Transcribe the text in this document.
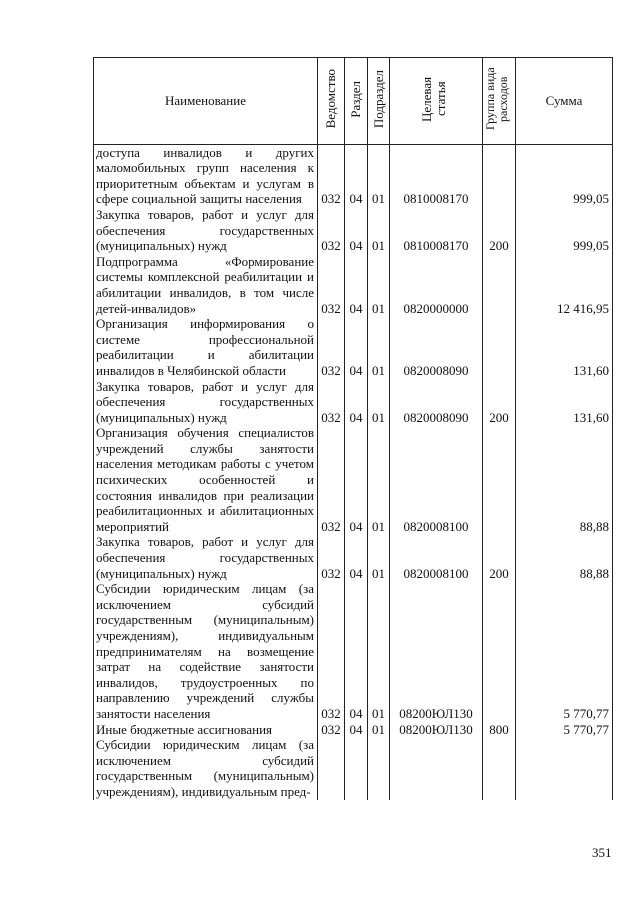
Наименование	Ведомство	Раздел	Подраздел	Целевая статья	Группа вида расходов	Сумма
доступа инвалидов и других маломобильных групп населения к приоритетным объектам и услугам в сфере социальной защиты населения	032	04	01	0810008170		999,05
Закупка товаров, работ и услуг для обеспечения государственных (муниципальных) нужд	032	04	01	0810008170	200	999,05
Подпрограмма «Формирование системы комплексной реабилитации и абилитации инвалидов, в том числе детей-инвалидов»	032	04	01	0820000000		12 416,95
Организация информирования о системе профессиональной реабилитации и абилитации инвалидов в Челябинской области	032	04	01	0820008090		131,60
Закупка товаров, работ и услуг для обеспечения государственных (муниципальных) нужд	032	04	01	0820008090	200	131,60
Организация обучения специалистов учреждений службы занятости населения методикам работы с учетом психических особенностей и состояния инвалидов при реализации реабилитационных и абилитационных мероприятий	032	04	01	0820008100		88,88
Закупка товаров, работ и услуг для обеспечения государственных (муниципальных) нужд	032	04	01	0820008100	200	88,88
Субсидии юридическим лицам (за исключением субсидий государственным (муниципальным) учреждениям), индивидуальным предпринимателям на возмещение затрат на содействие занятости инвалидов, трудоустроенных по направлению учреждений службы занятости населения	032	04	01	08200ЮЛ130		5 770,77
Иные бюджетные ассигнования	032	04	01	08200ЮЛ130	800	5 770,77
Субсидии юридическим лицам (за исключением субсидий государственным (муниципальным) учреждениям), индивидуальным пред-						
351
